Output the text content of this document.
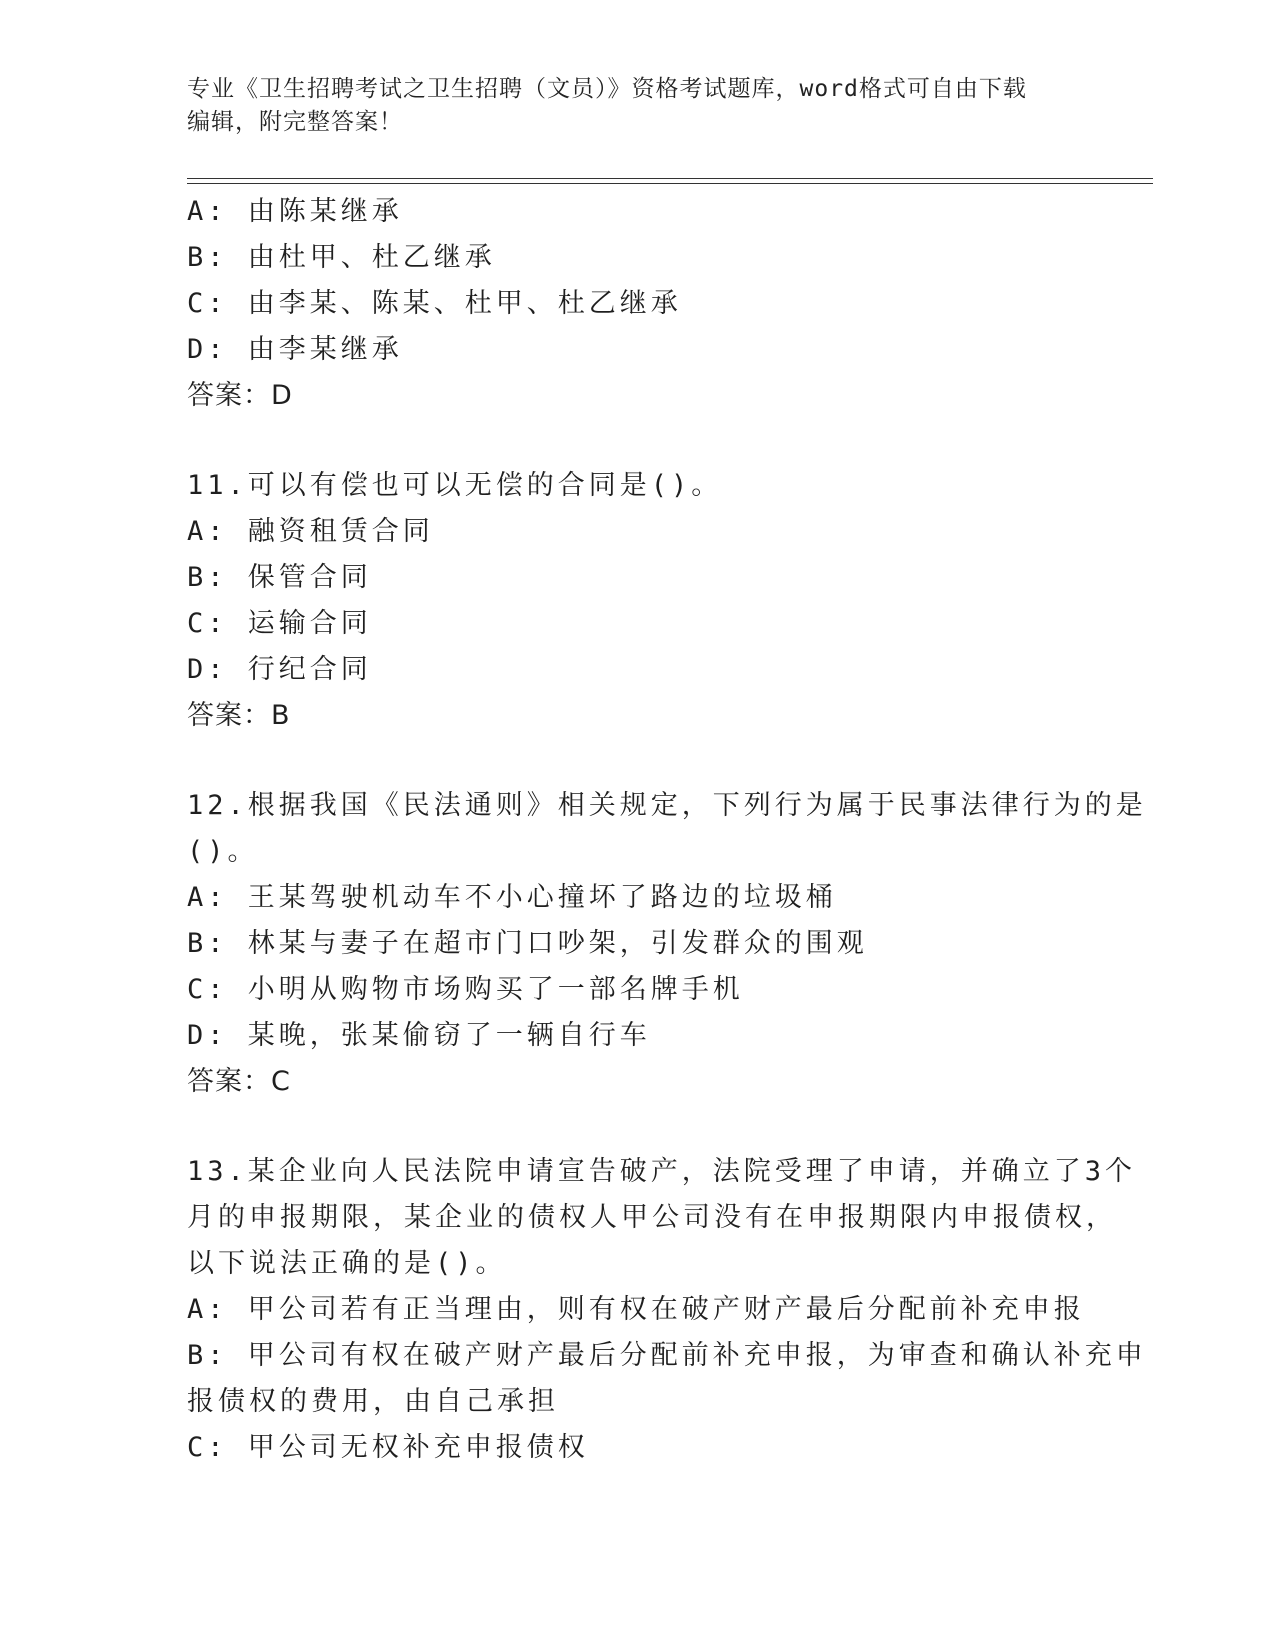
专业《卫生招聘考试之卫生招聘（文员）》资格考试题库，word格式可自由下载
编辑，附完整答案！
A: 由陈某继承
B: 由杜甲、杜乙继承
C: 由李某、陈某、杜甲、杜乙继承
D: 由李某继承
答案：D
11.可以有偿也可以无偿的合同是()。
A: 融资租赁合同
B: 保管合同
C: 运输合同
D: 行纪合同
答案：B
12.根据我国《民法通则》相关规定，下列行为属于民事法律行为的是
()。
A: 王某驾驶机动车不小心撞坏了路边的垃圾桶
B: 林某与妻子在超市门口吵架，引发群众的围观
C: 小明从购物市场购买了一部名牌手机
D: 某晚，张某偷窃了一辆自行车
答案：C
13.某企业向人民法院申请宣告破产，法院受理了申请，并确立了3个
月的申报期限，某企业的债权人甲公司没有在申报期限内申报债权，
以下说法正确的是()。
A: 甲公司若有正当理由，则有权在破产财产最后分配前补充申报
B: 甲公司有权在破产财产最后分配前补充申报，为审查和确认补充申
报债权的费用，由自己承担
C: 甲公司无权补充申报债权
